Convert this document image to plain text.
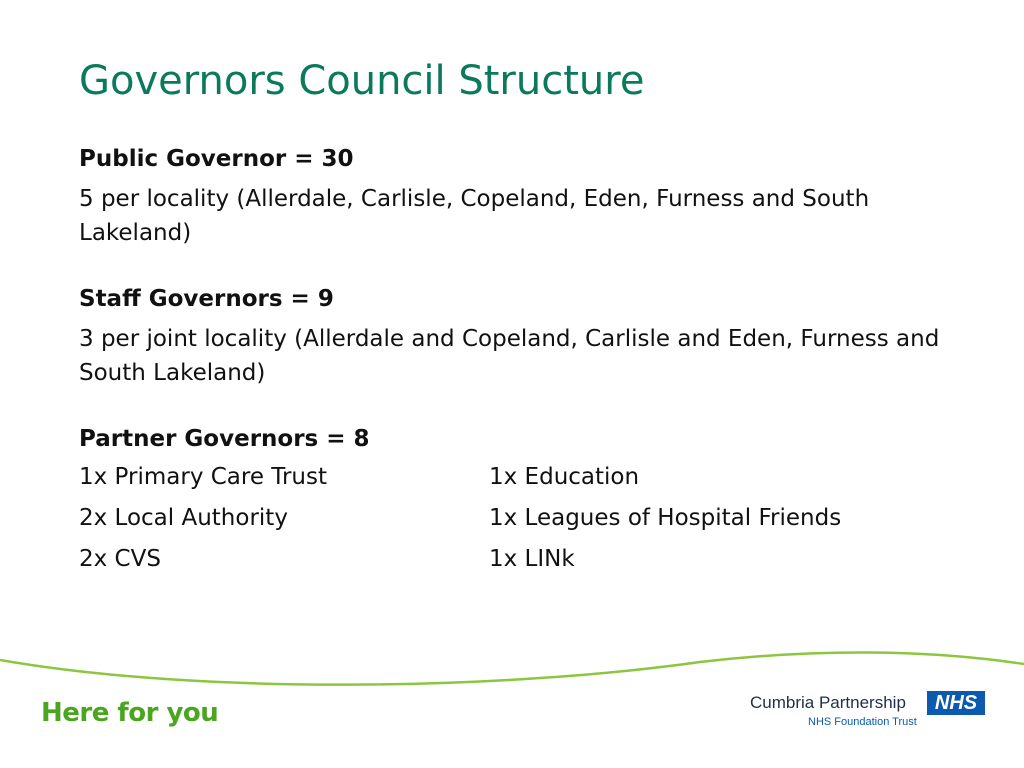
Governors Council Structure
Public Governor = 30
5 per locality (Allerdale, Carlisle, Copeland, Eden, Furness and South Lakeland)
Staff Governors = 9
3 per joint locality (Allerdale and Copeland, Carlisle and Eden, Furness and South Lakeland)
Partner Governors = 8
1x Primary Care Trust	1x Education
2x Local Authority	1x Leagues of Hospital Friends
2x CVS	1x LINk
Here for you	Cumbria Partnership	NHS
NHS Foundation Trust
